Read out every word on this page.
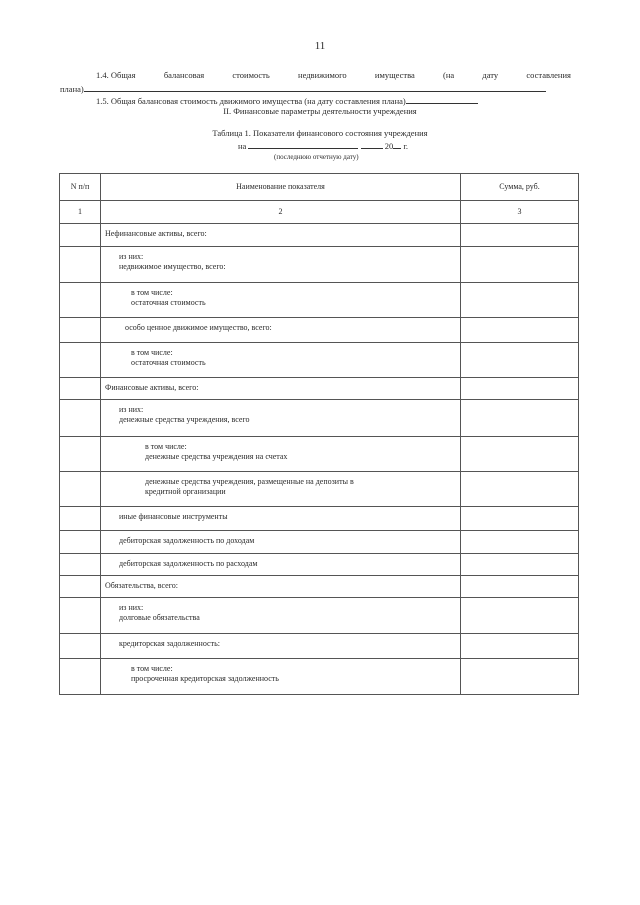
11
1.4. Общая	балансовая	стоимость	недвижимого	имущества	(на	дату	составления
плана)
1.5. Общая балансовая стоимость движимого имущества (на дату составления плана)
II. Финансовые параметры деятельности учреждения
Таблица 1. Показатели финансового состояния учреждения
на	20 г.
(последнюю отчетную дату)
N п/п	Наименование показателя	Сумма, руб.
1	2	3

	Нефинансовые активы, всего:	

	из них:
недвижимое имущество, всего:	

	в том числе:
остаточная стоимость	

	особо ценное движимое имущество, всего:	

	в том числе:
остаточная стоимость	

	Финансовые активы, всего:	

	из них:
денежные средства учреждения, всего	

	в том числе:
денежные средства учреждения на счетах	

	денежные средства учреждения, размещенные на депозиты в
кредитной организации	

	иные финансовые инструменты	

	дебиторская задолженность по доходам	

	дебиторская задолженность по расходам	

	Обязательства, всего:	

	из них:
долговые обязательства	

	кредиторская задолженность:	

	в том числе:
просроченная кредиторская задолженность	
